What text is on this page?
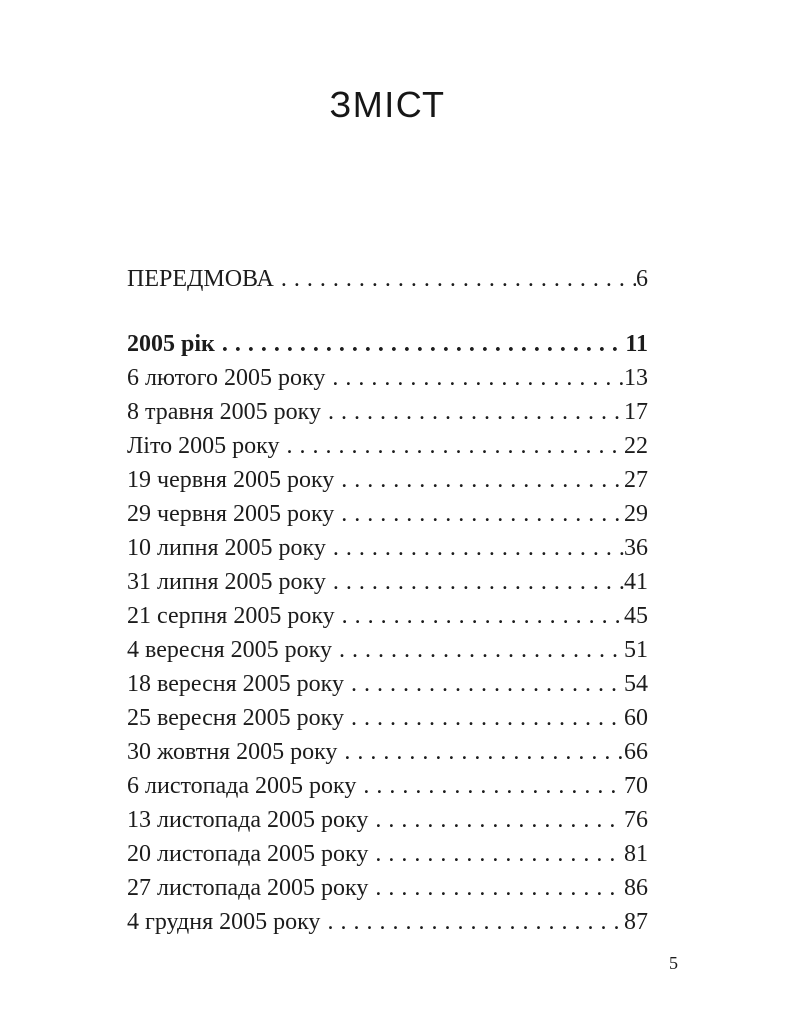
ЗМІСТ
ПЕРЕДМОВА .....	6
2005 рік .....	11
6 лютого 2005 року .....	13
8 травня 2005 року .....	17
Літо 2005 року .....	22
19 червня 2005 року .....	27
29 червня 2005 року .....	29
10 липня 2005 року .....	36
31 липня 2005 року .....	41
21 серпня 2005 року .....	45
4 вересня 2005 року .....	51
18 вересня 2005 року .....	54
25 вересня 2005 року .....	60
30 жовтня 2005 року .....	66
6 листопада 2005 року .....	70
13 листопада 2005 року .....	76
20 листопада 2005 року .....	81
27 листопада 2005 року .....	86
4 грудня 2005 року .....	87
5
